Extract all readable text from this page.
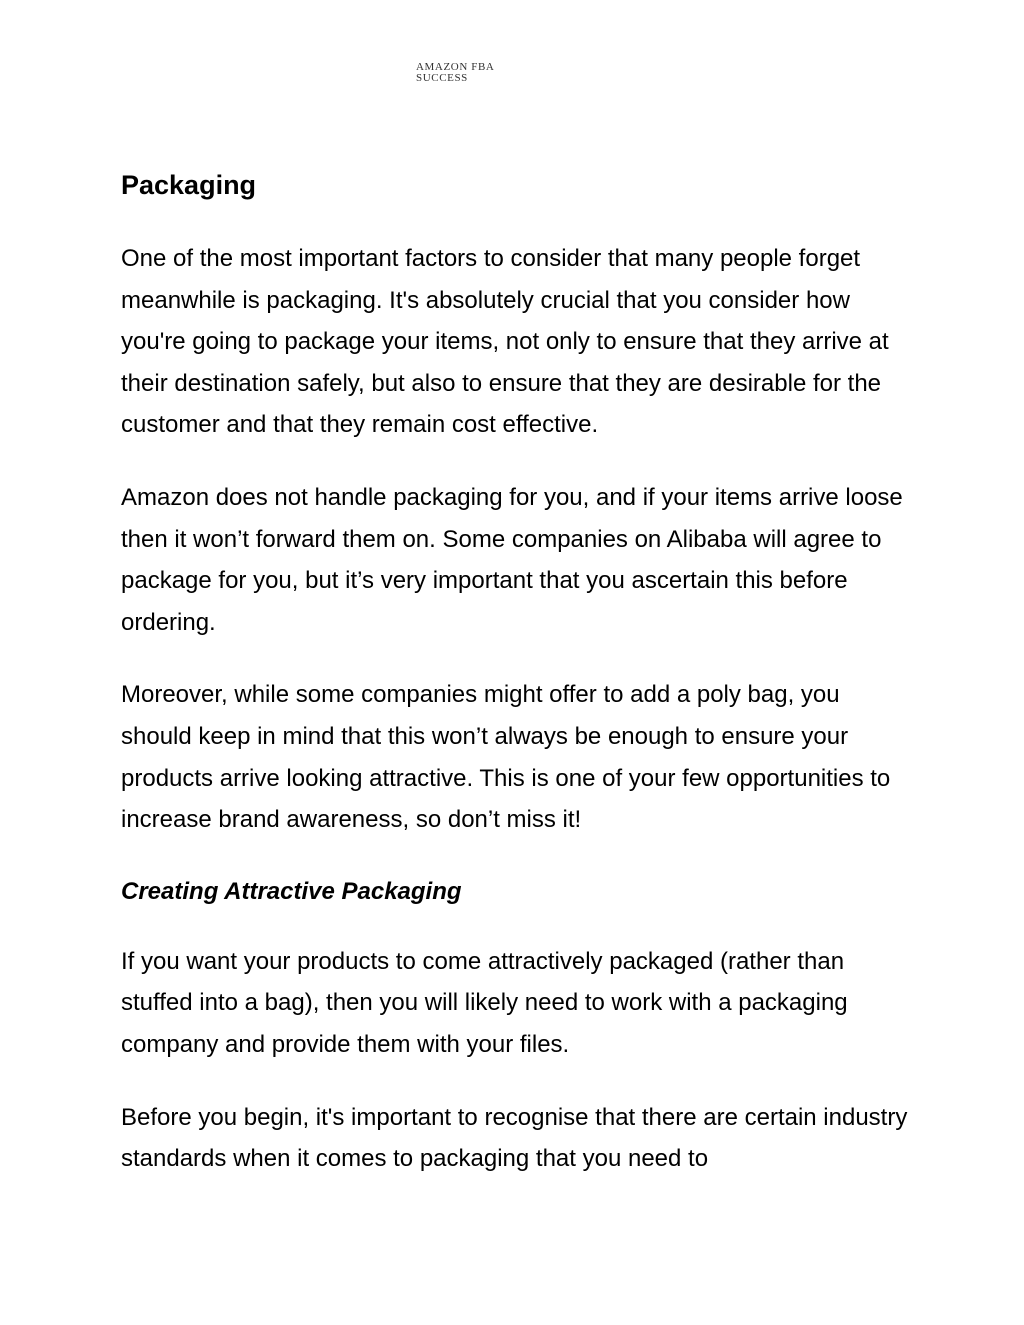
AMAZON FBA
SUCCESS
Packaging

One of the most important factors to consider that many people forget meanwhile is packaging. It's absolutely crucial that you consider how you're going to package your items, not only to ensure that they arrive at their destination safely, but also to ensure that they are desirable for the customer and that they remain cost effective.

Amazon does not handle packaging for you, and if your items arrive loose then it won’t forward them on. Some companies on Alibaba will agree to package for you, but it’s very important that you ascertain this before ordering.

Moreover, while some companies might offer to add a poly bag, you should keep in mind that this won’t always be enough to ensure your products arrive looking attractive. This is one of your few opportunities to increase brand awareness, so don’t miss it!

Creating Attractive Packaging

If you want your products to come attractively packaged (rather than stuffed into a bag), then you will likely need to work with a packaging company and provide them with your files.

Before you begin, it's important to recognise that there are certain industry standards when it comes to packaging that you need to
